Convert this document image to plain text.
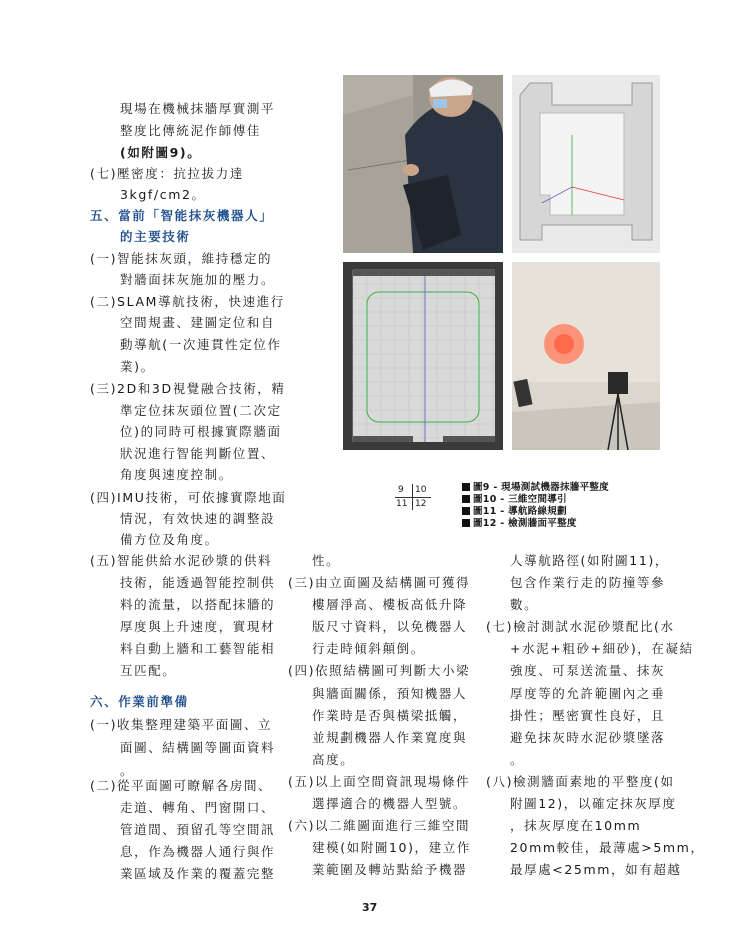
現場在機械抹牆厚實測平
整度比傳統泥作師傅佳
(如附圖9)。
(七)壓密度：抗拉拔力達
3kgf/cm2。
五、當前「智能抹灰機器人」
的主要技術
(一)智能抹灰頭，維持穩定的
對牆面抹灰施加的壓力。
(二)SLAM導航技術，快速進行
空間規畫、建圖定位和自
動導航(一次連貫性定位作
業)。
(三)2D和3D視覺融合技術，精
準定位抹灰頭位置(二次定
位)的同時可根據實際牆面
狀況進行智能判斷位置、
角度與速度控制。
(四)IMU技術，可依據實際地面
情況，有效快速的調整設
備方位及角度。
(五)智能供給水泥砂漿的供料
技術，能透過智能控制供
料的流量，以搭配抹牆的
厚度與上升速度，實現材
料自動上牆和工藝智能相
互匹配。
六、作業前準備
(一)收集整理建築平面圖、立
面圖、結構圖等圖面資料
。
(二)從平面圖可瞭解各房間、
走道、轉角、門窗開口、
管道間、預留孔等空間訊
息，作為機器人通行與作
業區域及作業的覆蓋完整
9 10
11 12
圖9 - 現場測試機器抹牆平整度
圖10 - 三維空間導引
圖11 - 導航路線規劃
圖12 - 檢測牆面平整度
性。
(三)由立面圖及結構圖可獲得
樓層淨高、樓板高低升降
版尺寸資料，以免機器人
行走時傾斜顛倒。
(四)依照結構圖可判斷大小梁
與牆面關係，預知機器人
作業時是否與橫梁抵觸，
並規劃機器人作業寬度與
高度。
(五)以上面空間資訊現場條件
選擇適合的機器人型號。
(六)以二維圖面進行三維空間
建模(如附圖10)，建立作
業範圍及轉站點給予機器
人導航路徑(如附圖11)，
包含作業行走的防撞等參
數。
(七)檢討測試水泥砂漿配比(水
+水泥+粗砂+細砂)，在凝結
強度、可泵送流量、抹灰
厚度等的允許範圍內之垂
掛性；壓密實性良好，且
避免抹灰時水泥砂漿墜落
。
(八)檢測牆面素地的平整度(如
附圖12)，以確定抹灰厚度
，抹灰厚度在10mm
20mm較佳，最薄處>5mm，
最厚處<25mm，如有超越
37
